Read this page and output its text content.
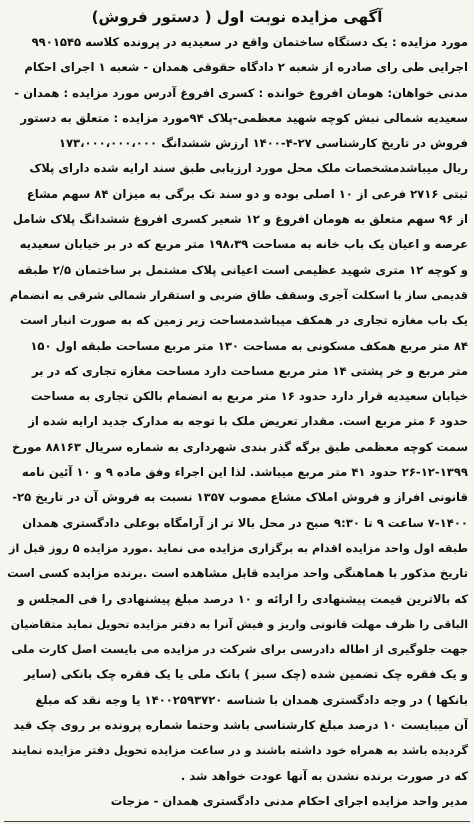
آگهی مزایده نوبت اول ( دستور فروش)
مورد مزایده : یک دستگاه ساختمان واقع در سعیدیه در پرونده کلاسه ۹۹۰۱۵۴۵
اجرایی طی رای صادره از شعبه ۲ دادگاه حقوقی همدان - شعبه ۱ اجرای احکام
مدنی خواهان: هومان افروغ خوانده : کسری افروغ آدرس مورد مزایده : همدان -
سعیدیه شمالی نبش کوچه شهید معظمی-پلاک ۹۴مورد مزایده : متعلق به دستور
فروش در تاریخ کارشناسی ۲۷-۴-۱۴۰۰ ارزش ششدانگ ۱۷۳،۰۰۰،۰۰۰،۰۰۰
ریال میباشدمشخصات ملک محل مورد ارزیابی طبق سند ارایه شده دارای پلاک
ثبتی ۲۷۱۶ فرعی از ۱۰ اصلی بوده و دو سند تک برگی به میزان ۸۴ سهم مشاع
از ۹۶ سهم متعلق به هومان افروغ و ۱۲ شعیر کسری افروغ ششدانگ پلاک شامل
عرصه و اعیان یک باب خانه به مساحت ۱۹۸،۳۹ متر مربع که در بر خیابان سعیدیه
و کوچه ۱۲ متری شهید عظیمی است اعیانی پلاک مشتمل بر ساختمان ۲/۵ طبقه
قدیمی ساز با اسکلت آجری وسقف طاق ضربی و استقرار شمالی شرقی به انضمام
یک باب مغازه تجاری در همکف میباشدمساحت زیر زمین که به صورت انبار است
۸۴ متر مربع همکف مسکونی به مساحت ۱۳۰ متر مربع مساحت طبقه اول ۱۵۰
متر مربع و خر پشتی ۱۴ متر مربع مساحت دارد مساحت مغازه تجاری که در بر
خیابان سعیدیه قرار دارد حدود ۱۶ متر مربع به انضمام بالکن تجاری به مساحت
حدود ۶ متر مربع است. مقدار تعریض ملک با توجه به مدارک جدید ارایه شده از
سمت کوچه معظمی طبق برگه گذر بندی شهرداری به شماره سریال ۸۸۱۶۳ مورخ
۲۶-۱۲-۱۳۹۹ حدود ۴۱ متر مربع میباشد. لذا این اجراء وفق ماده ۹ و ۱۰ آئین نامه
قانونی افراز و فروش املاک مشاع مصوب ۱۳۵۷ نسبت به فروش آن در تاریخ ۲۵-
۷-۱۴۰۰ ساعت ۹ تا ۹:۳۰ صبح در محل بالا تر از آرامگاه بوعلی دادگستری همدان
طبقه اول واحد مزایده اقدام به برگزاری مزایده می نماید .مورد مزایده ۵ روز قبل از
تاریخ مذکور با هماهنگی واحد مزایده قابل مشاهده است .برنده مزایده کسی است
که بالاترین قیمت پیشنهادی را ارائه و ۱۰ درصد مبلغ پیشنهادی را فی المجلس و
الباقی را ظرف مهلت قانونی واریز و فیش آنرا به دفتر مزایده تحویل نماید متقاضیان
جهت جلوگیری از اطاله دادرسی برای شرکت در مزایده می بایست اصل کارت ملی
و یک فقره چک تضمین شده (چک سبز ) بانک ملی یا یک فقره چک بانکی (سایر
بانکها ) در وجه دادگستری همدان با شناسه ۱۴۰۰۲۵۹۳۷۲۰ یا وجه نقد که مبلغ
آن میبایست ۱۰ درصد مبلغ کارشناسی باشد وحتما شماره پرونده بر روی چک قید
گردیده باشد به همراه خود داشته باشند و در ساعت مزایده تحویل دفتر مزایده نمایند
که در صورت برنده نشدن به آنها عودت خواهد شد .
مدیر واحد مزایده اجرای احکام مدنی دادگستری همدان - مزجات
